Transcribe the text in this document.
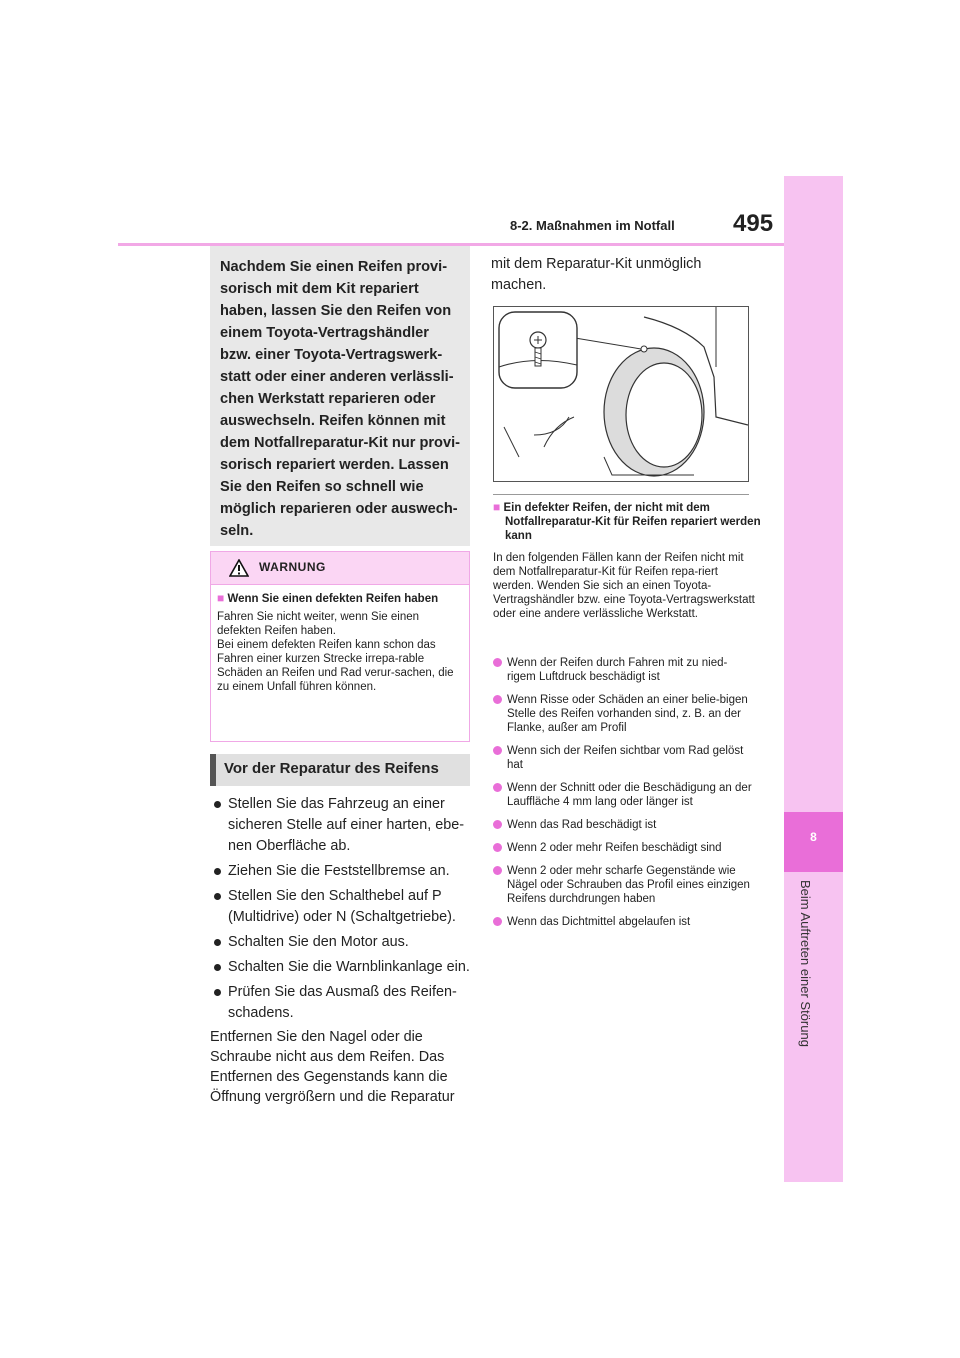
8-2. Maßnahmen im Notfall 495
8
Beim Auftreten einer Störung

Nachdem Sie einen Reifen provi-sorisch mit dem Kit repariert haben, lassen Sie den Reifen von einem Toyota-Vertragshändler bzw. einer Toyota-Vertragswerk-statt oder einer anderen verlässli-chen Werkstatt reparieren oder auswechseln. Reifen können mit dem Notfallreparatur-Kit nur provi-sorisch repariert werden. Lassen Sie den Reifen so schnell wie möglich reparieren oder auswech-seln.

WARNUNG

■ Wenn Sie einen defekten Reifen haben

Fahren Sie nicht weiter, wenn Sie einen defekten Reifen haben.

Bei einem defekten Reifen kann schon das Fahren einer kurzen Strecke irrepa-rable Schäden an Reifen und Rad verur-sachen, die zu einem Unfall führen können.

Vor der Reparatur des Reifens
Stellen Sie das Fahrzeug an einer sicheren Stelle auf einer harten, ebe-nen Oberfläche ab.
Ziehen Sie die Feststellbremse an.
Stellen Sie den Schalthebel auf P (Multidrive) oder N (Schaltgetriebe).
Schalten Sie den Motor aus.
Schalten Sie die Warnblinkanlage ein.
Prüfen Sie das Ausmaß des Reifen-schadens.

Entfernen Sie den Nagel oder die Schraube nicht aus dem Reifen. Das Entfernen des Gegenstands kann die Öffnung vergrößern und die Reparatur

mit dem Reparatur-Kit unmöglich machen.

■ Ein defekter Reifen, der nicht mit dem Notfallreparatur-Kit für Reifen repariert werden kann

In den folgenden Fällen kann der Reifen nicht mit dem Notfallreparatur-Kit für Reifen repa-riert werden. Wenden Sie sich an einen Toyota-Vertragshändler bzw. eine Toyota-Vertragswerkstatt oder eine andere verlässliche Werkstatt.

Wenn der Reifen durch Fahren mit zu nied-rigem Luftdruck beschädigt ist
Wenn Risse oder Schäden an einer belie-bigen Stelle des Reifen vorhanden sind, z. B. an der Flanke, außer am Profil
Wenn sich der Reifen sichtbar vom Rad gelöst hat
Wenn der Schnitt oder die Beschädigung an der Lauffläche 4 mm lang oder länger ist
Wenn das Rad beschädigt ist
Wenn 2 oder mehr Reifen beschädigt sind
Wenn 2 oder mehr scharfe Gegenstände wie Nägel oder Schrauben das Profil eines einzigen Reifens durchdrungen haben
Wenn das Dichtmittel abgelaufen ist
